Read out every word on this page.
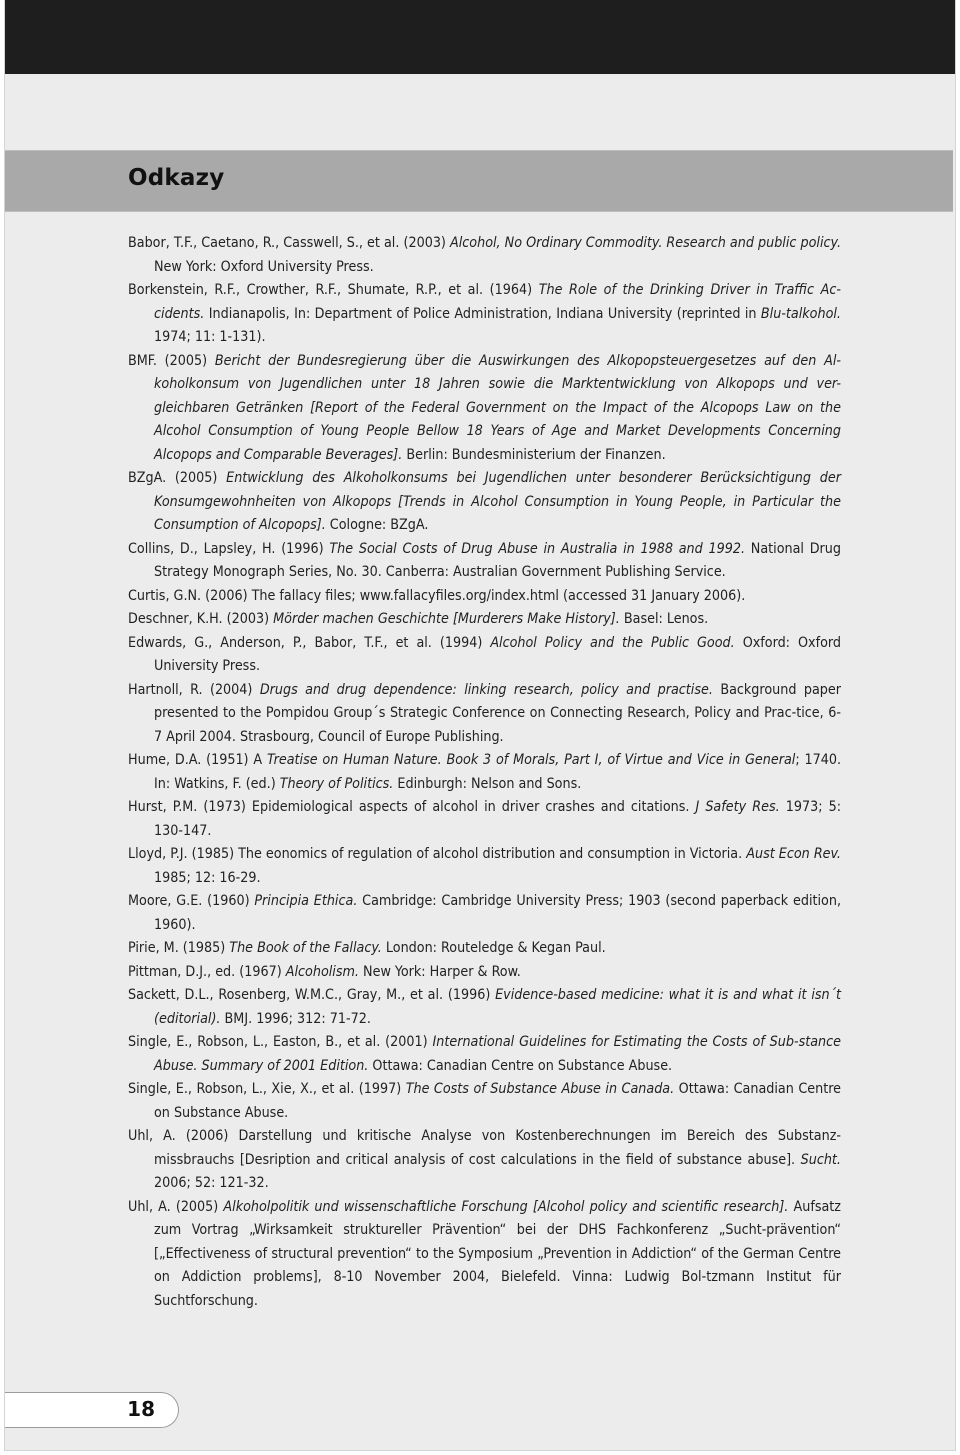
Odkazy

Babor, T.F., Caetano, R., Casswell, S., et al. (2003) Alcohol, No Ordinary Commodity. Research and public policy. New York: Oxford University Press.

Borkenstein, R.F., Crowther, R.F., Shumate, R.P., et al. (1964) The Role of the Drinking Driver in Traffic Ac-cidents. Indianapolis, In: Department of Police Administration, Indiana University (reprinted in Blu-talkohol. 1974; 11: 1-131).

BMF. (2005) Bericht der Bundesregierung über die Auswirkungen des Alkopopsteuergesetzes auf den Al-koholkonsum von Jugendlichen unter 18 Jahren sowie die Marktentwicklung von Alkopops und ver-gleichbaren Getränken [Report of the Federal Government on the Impact of the Alcopops Law on the Alcohol Consumption of Young People Bellow 18 Years of Age and Market Developments Concerning Alcopops and Comparable Beverages]. Berlin: Bundesministerium der Finanzen.

BZgA. (2005) Entwicklung des Alkoholkonsums bei Jugendlichen unter besonderer Berücksichtigung der Konsumgewohnheiten von Alkopops [Trends in Alcohol Consumption in Young People, in Particular the Consumption of Alcopops]. Cologne: BZgA.

Collins, D., Lapsley, H. (1996) The Social Costs of Drug Abuse in Australia in 1988 and 1992. National Drug Strategy Monograph Series, No. 30. Canberra: Australian Government Publishing Service.

Curtis, G.N. (2006) The fallacy files; www.fallacyfiles.org/index.html (accessed 31 January 2006).

Deschner, K.H. (2003) Mörder machen Geschichte [Murderers Make History]. Basel: Lenos.

Edwards, G., Anderson, P., Babor, T.F., et al. (1994) Alcohol Policy and the Public Good. Oxford: Oxford University Press.

Hartnoll, R. (2004) Drugs and drug dependence: linking research, policy and practise. Background paper presented to the Pompidou Group´s Strategic Conference on Connecting Research, Policy and Prac-tice, 6-7 April 2004. Strasbourg, Council of Europe Publishing.

Hume, D.A. (1951) A Treatise on Human Nature. Book 3 of Morals, Part I, of Virtue and Vice in General; 1740. In: Watkins, F. (ed.) Theory of Politics. Edinburgh: Nelson and Sons.

Hurst, P.M. (1973) Epidemiological aspects of alcohol in driver crashes and citations. J Safety Res. 1973; 5: 130-147.

Lloyd, P.J. (1985) The eonomics of regulation of alcohol distribution and consumption in Victoria. Aust Econ Rev. 1985; 12: 16-29.

Moore, G.E. (1960) Principia Ethica. Cambridge: Cambridge University Press; 1903 (second paperback edition, 1960).

Pirie, M. (1985) The Book of the Fallacy. London: Routeledge & Kegan Paul.

Pittman, D.J., ed. (1967) Alcoholism. New York: Harper & Row.

Sackett, D.L., Rosenberg, W.M.C., Gray, M., et al. (1996) Evidence-based medicine: what it is and what it isn´t (editorial). BMJ. 1996; 312: 71-72.

Single, E., Robson, L., Easton, B., et al. (2001) International Guidelines for Estimating the Costs of Sub-stance Abuse. Summary of 2001 Edition. Ottawa: Canadian Centre on Substance Abuse.

Single, E., Robson, L., Xie, X., et al. (1997) The Costs of Substance Abuse in Canada. Ottawa: Canadian Centre on Substance Abuse.

Uhl, A. (2006) Darstellung und kritische Analyse von Kostenberechnungen im Bereich des Substanz-missbrauchs [Desription and critical analysis of cost calculations in the field of substance abuse]. Sucht. 2006; 52: 121-32.

Uhl, A. (2005) Alkoholpolitik und wissenschaftliche Forschung [Alcohol policy and scientific research]. Aufsatz zum Vortrag „Wirksamkeit struktureller Prävention“ bei der DHS Fachkonferenz „Sucht-prävention“ [„Effectiveness of structural prevention“ to the Symposium „Prevention in Addiction“ of the German Centre on Addiction problems], 8-10 November 2004, Bielefeld. Vinna: Ludwig Bol-tzmann Institut für Suchtforschung.

18
